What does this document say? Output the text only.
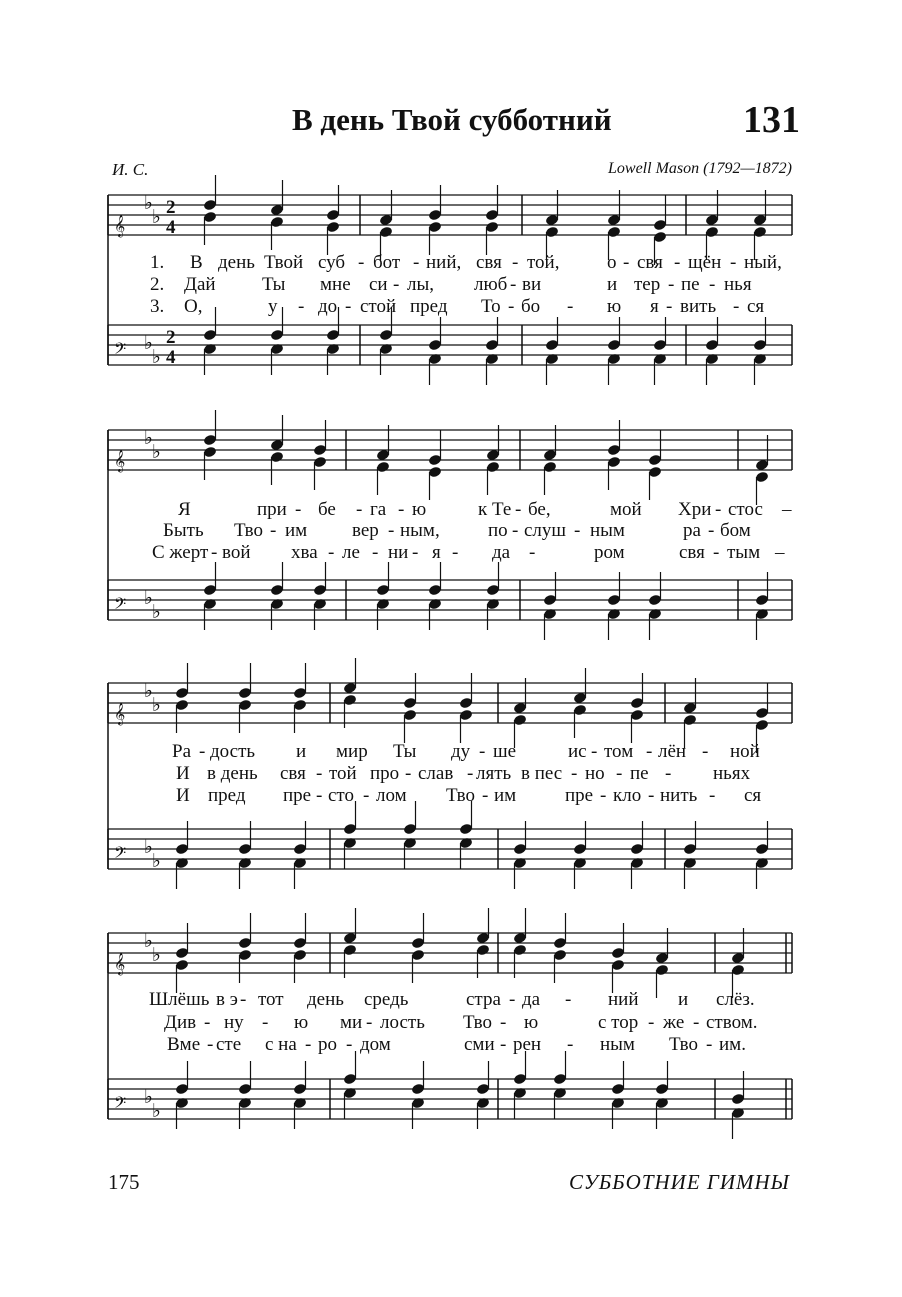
В день Твой субботний	131
И. С.	Lowell Mason (1792—1872)
𝄞
𝄢
♭
♭
♭
♭
2
4
2
4
1. В день Твой суб - бот - ний, свя - той,	о - свя - щён - ный,
2. Дай Ты мне си - лы, люб - ви	и тер - пе - нья
3. О,	у - до - стой пред То - бо - ю я - вить - ся
𝄞
𝄢
♭
♭
♭
♭
Я	при - бе - га - ю	к Те - бе,	мой Хри - стос –
Быть Тво - им вер - ным,	по - слуш - ным	ра - бом
С жерт - вой хва - ле - ни - я - да -	ром	свя - тым –
𝄞
𝄢
♭
♭
♭
♭
Ра - дость и мир Ты ду - ше	ис - том - лён - ной
И в день свя - той про - слав - лять в пес - но - пе - ньях
И пред пре - сто - лом Тво - им	пре - кло - нить - ся
𝄞
𝄢
♭
♭
♭
♭
Шлёшь в э - тот день средь	стра - да - ний и слёз.
Див - ну - ю ми - лость Тво - ю	с тор - же - ством.
Вме - сте с на - ро - дом	сми - рен - ным Тво - им.
175	СУББОТНИЕ ГИМНЫ
